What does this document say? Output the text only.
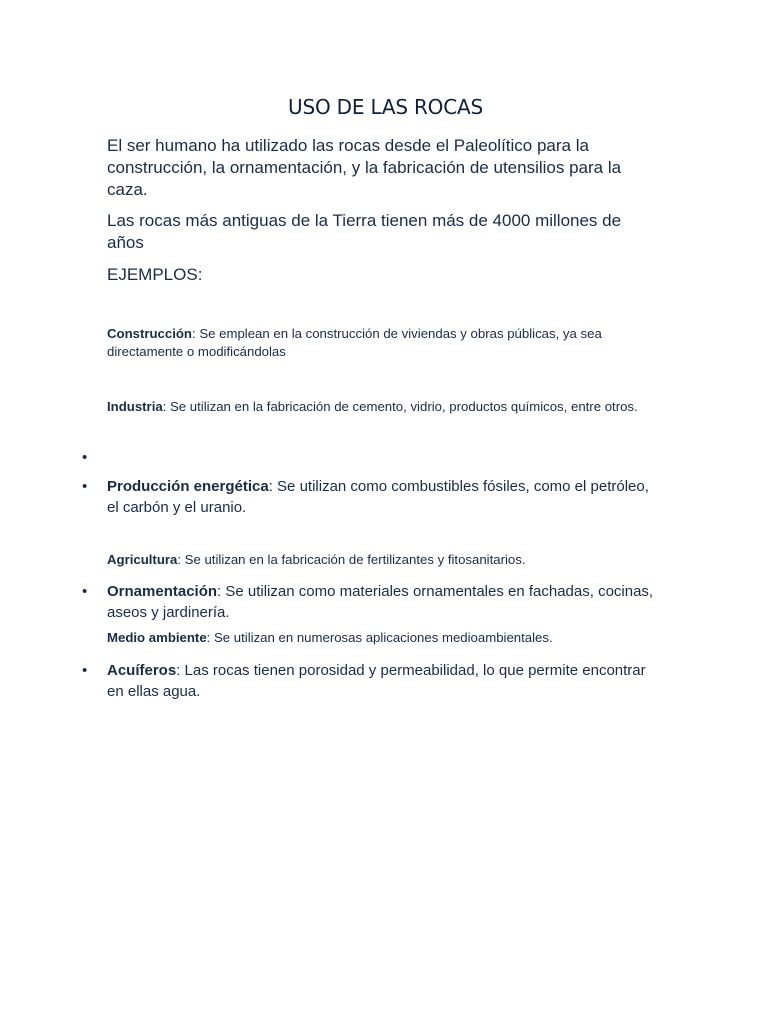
USO DE LAS ROCAS
El ser humano ha utilizado las rocas desde el Paleolítico para la construcción, la ornamentación, y la fabricación de utensilios para la caza.
Las rocas más antiguas de la Tierra tienen más de 4000 millones de años
EJEMPLOS:
Construcción: Se emplean en la construcción de viviendas y obras públicas, ya sea directamente o modificándolas
Industria: Se utilizan en la fabricación de cemento, vidrio, productos químicos, entre otros.
•
• Producción energética: Se utilizan como combustibles fósiles, como el petróleo, el carbón y el uranio.
Agricultura: Se utilizan en la fabricación de fertilizantes y fitosanitarios.
• Ornamentación: Se utilizan como materiales ornamentales en fachadas, cocinas, aseos y jardinería.
Medio ambiente: Se utilizan en numerosas aplicaciones medioambientales.
• Acuíferos: Las rocas tienen porosidad y permeabilidad, lo que permite encontrar en ellas agua.
